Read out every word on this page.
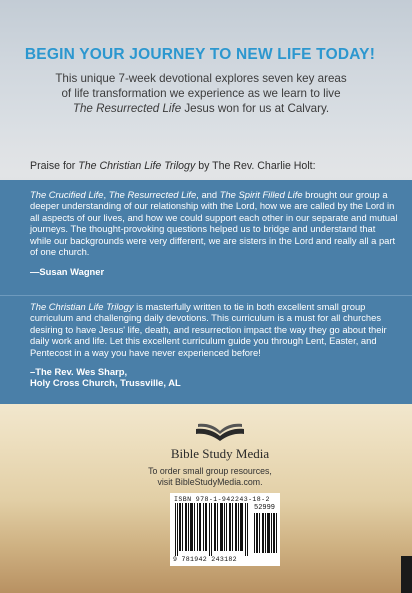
BEGIN YOUR JOURNEY TO NEW LIFE TODAY!
This unique 7-week devotional explores seven key areas
of life transformation we experience as we learn to live
The Resurrected Life Jesus won for us at Calvary.
Praise for The Christian Life Trilogy by The Rev. Charlie Holt:

The Crucified Life, The Resurrected Life, and The Spirit Filled Life brought our group a deeper understanding of our relationship with the Lord, how we are called by the Lord in all aspects of our lives, and how we could support each other in our separate and mutual journeys. The thought-provoking questions helped us to bridge and understand that while our backgrounds were very different, we are sisters in the Lord and really all a part of one church.

—Susan Wagner

The Christian Life Trilogy is masterfully written to tie in both excellent small group curriculum and challenging daily devotions. This curriculum is a must for all churches desiring to have Jesus' life, death, and resurrection impact the way they go about their daily work and life. Let this excellent curriculum guide you through Lent, Easter, and Pentecost in a way you have never experienced before!

–The Rev. Wes Sharp,
Holy Cross Church, Trussville, AL
Bible Study Media
To order small group resources,
visit BibleStudyMedia.com.
ISBN 978-1-942243-18-2
52999
9 781942 243182
